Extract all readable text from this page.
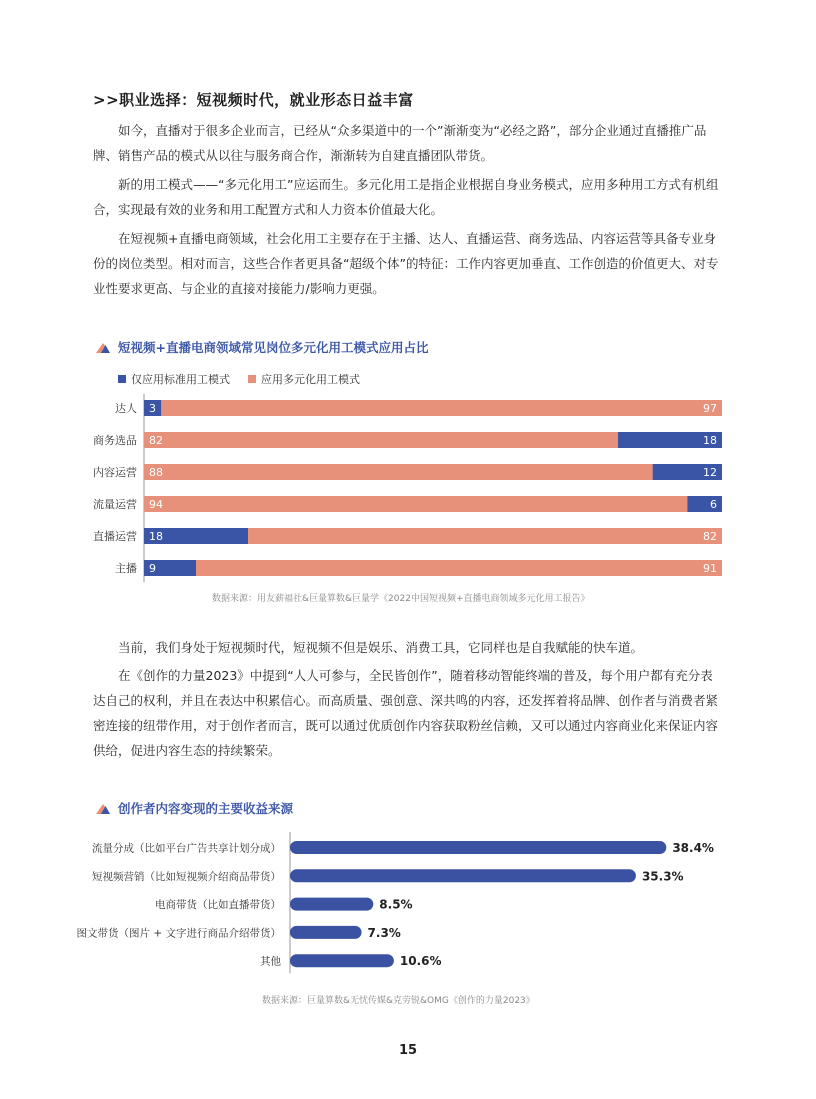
>>职业选择：短视频时代，就业形态日益丰富

如今，直播对于很多企业而言，已经从“众多渠道中的一个”渐渐变为“必经之路”，部分企业通过直播推广品牌、销售产品的模式从以往与服务商合作，渐渐转为自建直播团队带货。

新的用工模式——“多元化用工”应运而生。多元化用工是指企业根据自身业务模式，应用多种用工方式有机组合，实现最有效的业务和用工配置方式和人力资本价值最大化。

在短视频+直播电商领域，社会化用工主要存在于主播、达人、直播运营、商务选品、内容运营等具备专业身份的岗位类型。相对而言，这些合作者更具备“超级个体”的特征：工作内容更加垂直、工作创造的价值更大、对专业性要求更高、与企业的直接对接能力/影响力更强。

短视频+直播电商领域常见岗位多元化用工模式应用占比
仅应用标准用工模式	应用多元化用工模式
3	97
达人
82	18
商务选品
88	12
内容运营
94	6
流量运营
18	82
直播运营
9	91
主播
数据来源：用友薪福社&巨量算数&巨量学《2022中国短视频+直播电商领域多元化用工报告》

当前，我们身处于短视频时代，短视频不但是娱乐、消费工具，它同样也是自我赋能的快车道。

在《创作的力量2023》中提到“人人可参与，全民皆创作”，随着移动智能终端的普及，每个用户都有充分表达自己的权利，并且在表达中积累信心。而高质量、强创意、深共鸣的内容，还发挥着将品牌、创作者与消费者紧密连接的纽带作用，对于创作者而言，既可以通过优质创作内容获取粉丝信赖，又可以通过内容商业化来保证内容供给，促进内容生态的持续繁荣。

创作者内容变现的主要收益来源
38.4%
流量分成（比如平台广告共享计划分成）
35.3%
短视频营销（比如短视频介绍商品带货）
8.5%
电商带货（比如直播带货）
7.3%
图文带货（图片 + 文字进行商品介绍带货）
10.6%
其他
数据来源：巨量算数&无忧传媒&克劳锐&OMG《创作的力量2023》
15
